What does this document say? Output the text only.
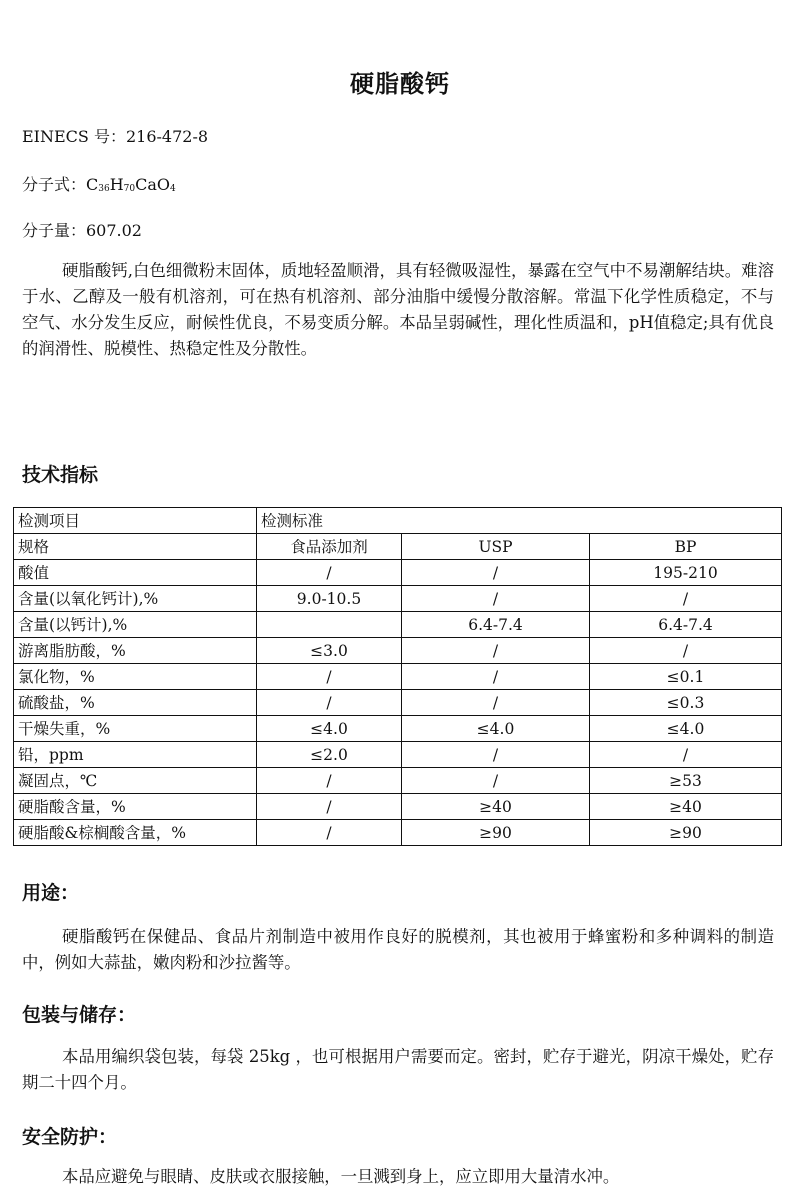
硬脂酸钙
EINECS 号：216-472-8
分子式：$C_{36}H_{70}CaO_4$
分子量：607.02
硬脂酸钙,白色细微粉末固体，质地轻盈顺滑，具有轻微吸湿性，暴露在空气中不易潮解结块。难溶于水、乙醇及一般有机溶剂，可在热有机溶剂、部分油脂中缓慢分散溶解。常温下化学性质稳定，不与空气、水分发生反应，耐候性优良，不易变质分解。本品呈弱碱性，理化性质温和，pH值稳定;具有优良的润滑性、脱模性、热稳定性及分散性。
技术指标
检测项目	检测标准		
规格	食品添加剂	USP	BP
酸值	/	/	195-210
含量(以氧化钙计),%	9.0-10.5	/	/
含量(以钙计),%		6.4-7.4	6.4-7.4
游离脂肪酸，%	≤3.0	/	/
氯化物，%	/	/	≤0.1
硫酸盐，%	/	/	≤0.3
干燥失重，%	≤4.0	≤4.0	≤4.0
铅，ppm	≤2.0	/	/
凝固点，℃	/	/	≥53
硬脂酸含量，%	/	≥40	≥40
硬脂酸&棕榈酸含量，%	/	≥90	≥90
用途：
硬脂酸钙在保健品、食品片剂制造中被用作良好的脱模剂，其也被用于蜂蜜粉和多种调料的制造中，例如大蒜盐，嫩肉粉和沙拉酱等。
包装与储存：
本品用编织袋包装，每袋 25kg ，也可根据用户需要而定。密封，贮存于避光，阴凉干燥处，贮存期二十四个月。
安全防护：
本品应避免与眼睛、皮肤或衣服接触，一旦溅到身上，应立即用大量清水冲。
